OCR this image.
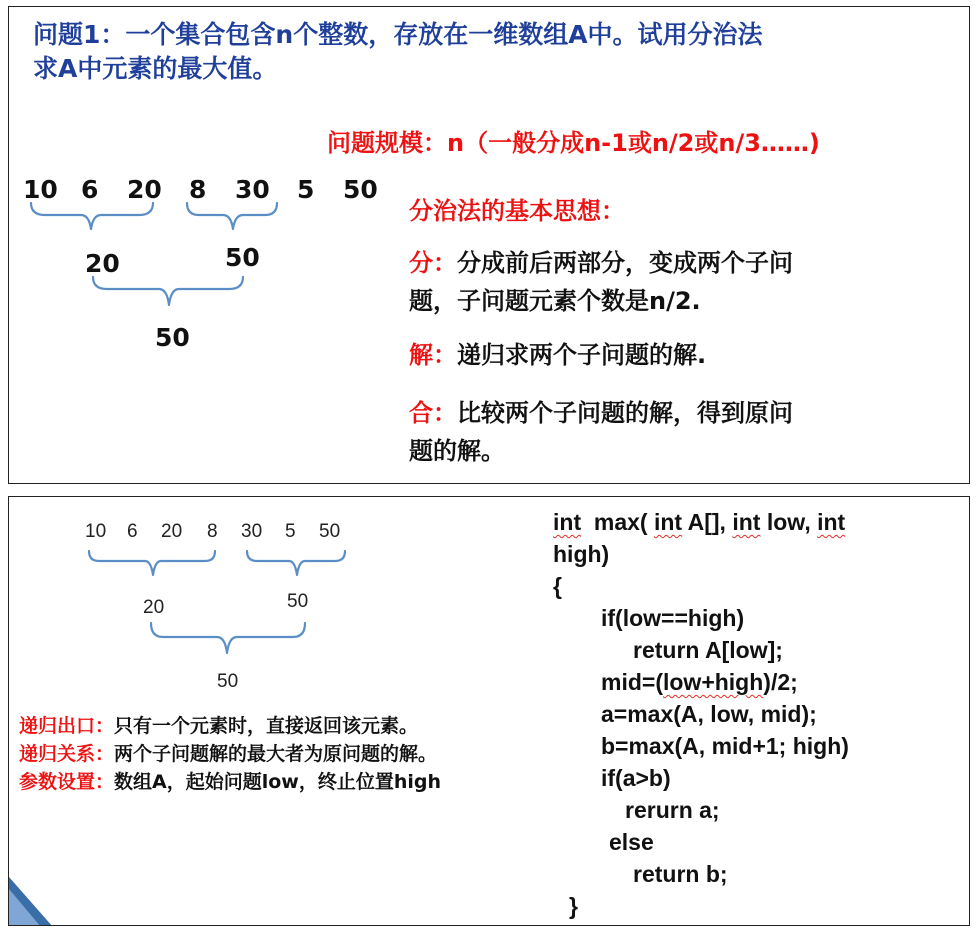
问题1：一个集合包含n个整数，存放在一维数组A中。试用分治法
求A中元素的最大值。
问题规模：n（一般分成n-1或n/2或n/3……)
10 6 20 8 30 5 50
20	50
50
分治法的基本思想：
分：分成前后两部分，变成两个子问
题，子问题元素个数是n/2.
解：递归求两个子问题的解.
合：比较两个子问题的解，得到原问
题的解。
10 6 20 8 30 5 50
20	50
50
递归出口：只有一个元素时，直接返回该元素。
递归关系：两个子问题解的最大者为原问题的解。
参数设置：数组A，起始问题low，终止位置high
int  max( int A[], int low, int
high)
{
if(low==high)
return A[low];
mid=(low+high)/2;
a=max(A, low, mid);
b=max(A, mid+1; high)
if(a>b)
rerurn a;
else
return b;
}
